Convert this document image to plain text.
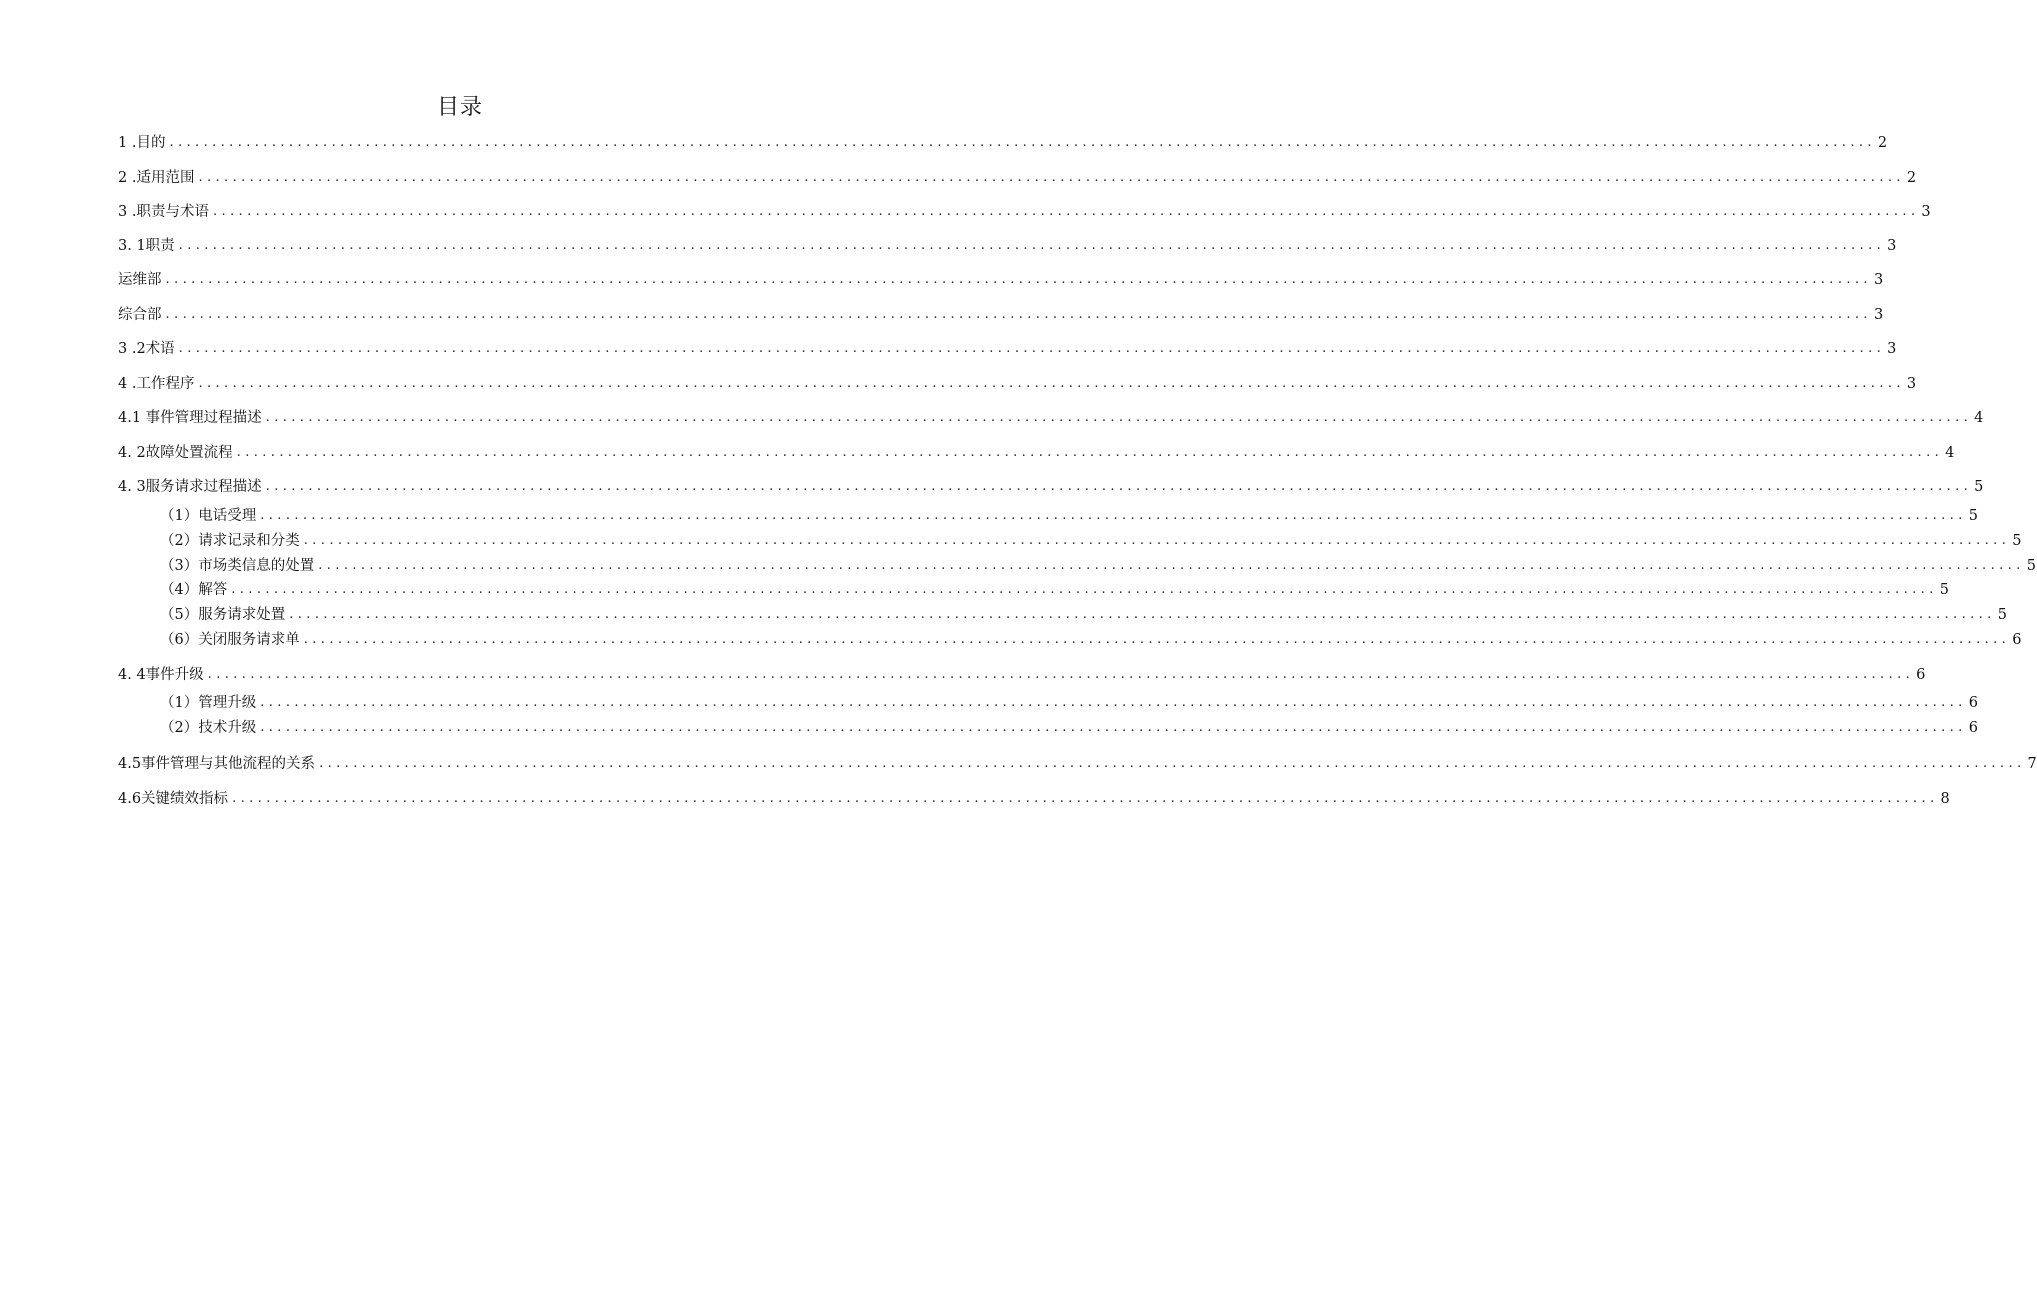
目录
1 .目的 ........................................................................................................................................................................................................ 2
2 .适用范围 ........................................................................................................................................................................................................ 2
3 .职责与术语 ........................................................................................................................................................................................................ 3
3. 1职责 ........................................................................................................................................................................................................ 3
运维部 ........................................................................................................................................................................................................ 3
综合部 ........................................................................................................................................................................................................ 3
3 .2术语 ........................................................................................................................................................................................................ 3
4 .工作程序 ........................................................................................................................................................................................................ 3
4.1 事件管理过程描述 ........................................................................................................................................................................................................ 4
4. 2故障处置流程 ........................................................................................................................................................................................................ 4
4. 3服务请求过程描述 ........................................................................................................................................................................................................ 5
（1）电话受理 ........................................................................................................................................................................................................ 5
（2）请求记录和分类 ........................................................................................................................................................................................................ 5
（3）市场类信息的处置 ........................................................................................................................................................................................................ 5
（4）解答 ........................................................................................................................................................................................................ 5
（5）服务请求处置 ........................................................................................................................................................................................................ 5
（6）关闭服务请求单 ........................................................................................................................................................................................................ 6
4. 4事件升级 ........................................................................................................................................................................................................ 6
（1）管理升级 ........................................................................................................................................................................................................ 6
（2）技术升级 ........................................................................................................................................................................................................ 6
4.5事件管理与其他流程的关系 ........................................................................................................................................................................................................ 7
4.6关键绩效指标 ........................................................................................................................................................................................................ 8
